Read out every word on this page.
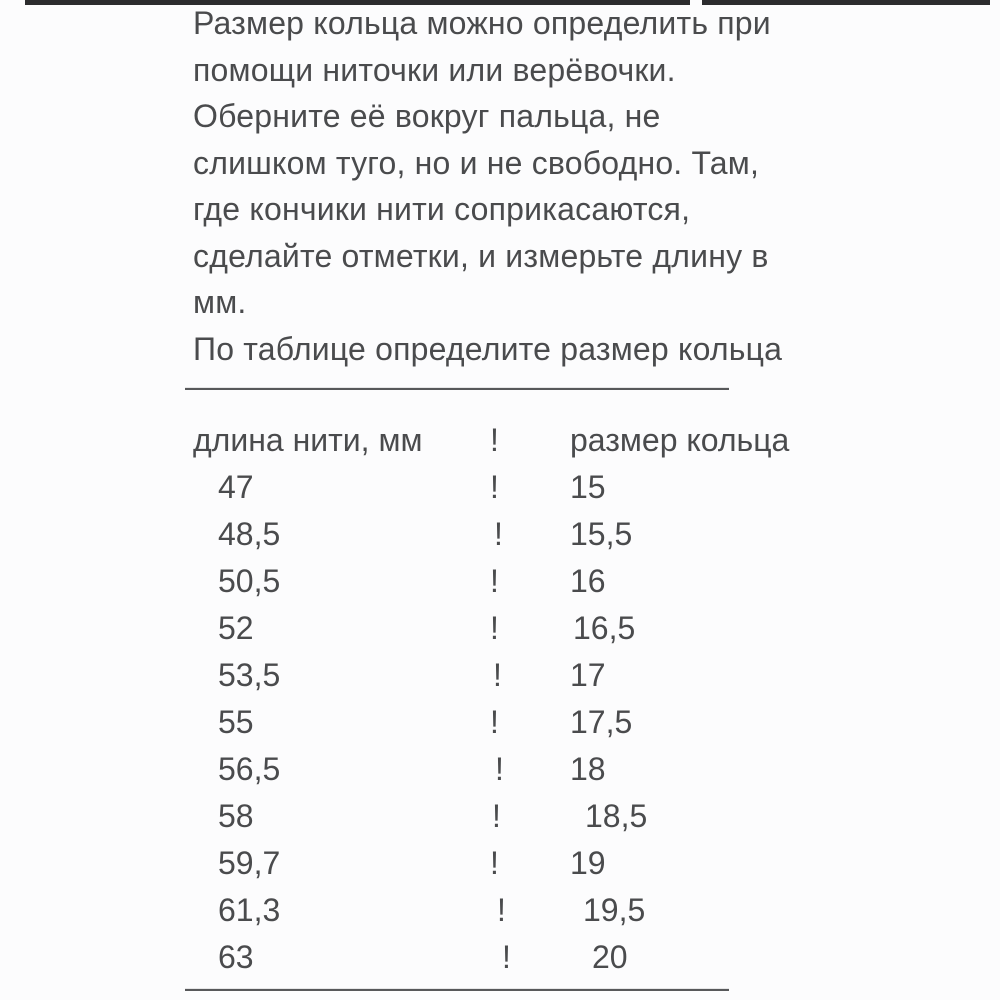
Размер кольца можно определить при
помощи ниточки или верёвочки.
Оберните её вокруг пальца, не
слишком туго, но и не свободно. Там,
где кончики нити соприкасаются,
сделайте отметки, и измерьте длину в
мм.
По таблице определите размер кольца
—————————————————
длина нити, мм	!	размер кольца
47	!	15
48,5	!	15,5
50,5	!	16
52	!	16,5
53,5	!	17
55	!	17,5
56,5	!	18
58	!	18,5
59,7	!	19
61,3	!	19,5
63	!	20
—————————————————
